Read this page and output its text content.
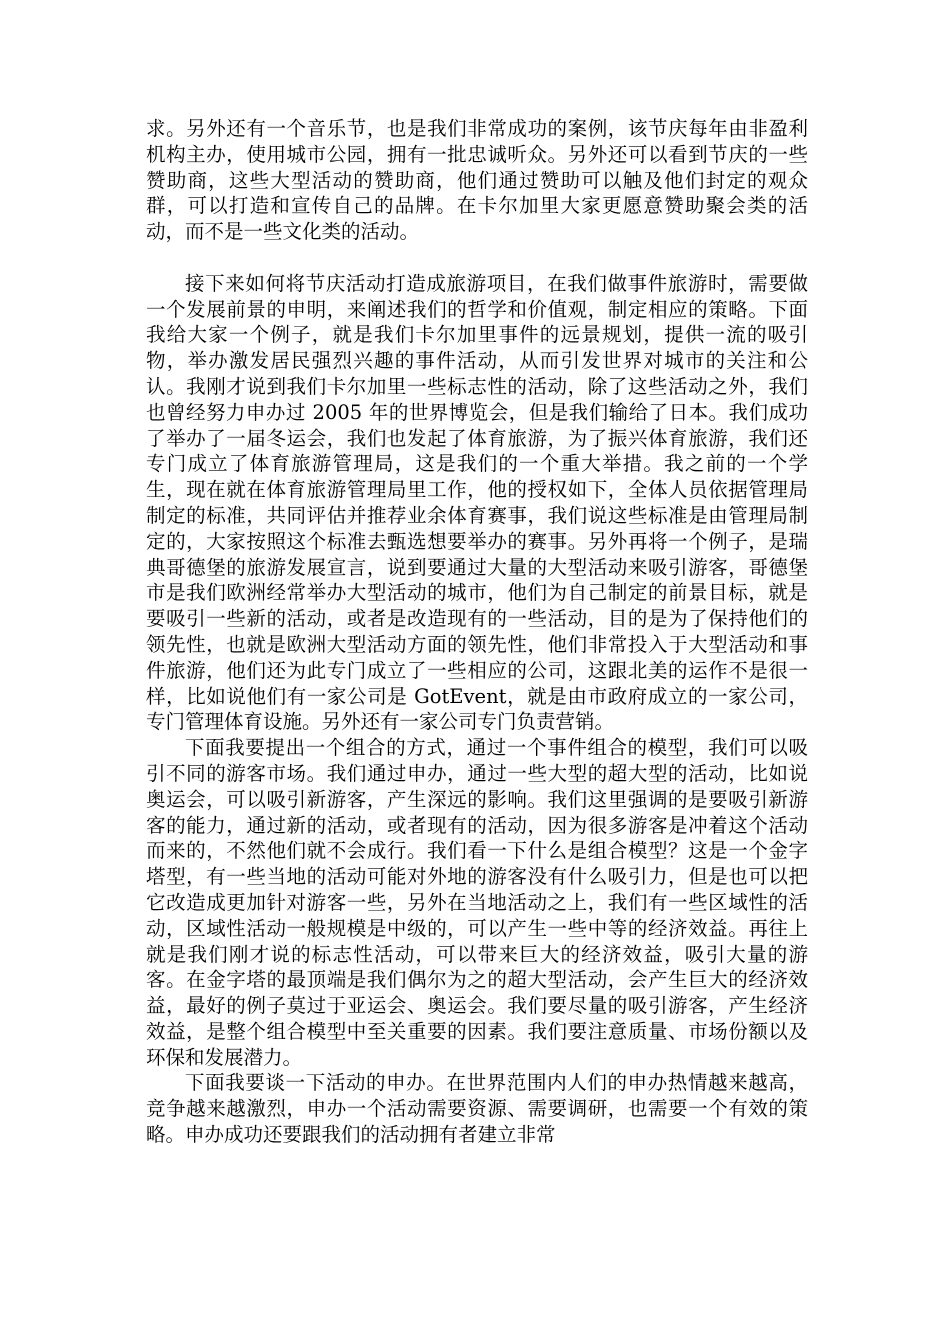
求。另外还有一个音乐节，也是我们非常成功的案例，该节庆每年由非盈利机构主办，使用城市公园，拥有一批忠诚听众。另外还可以看到节庆的一些赞助商，这些大型活动的赞助商，他们通过赞助可以触及他们封定的观众群，可以打造和宣传自己的品牌。在卡尔加里大家更愿意赞助聚会类的活动，而不是一些文化类的活动。

接下来如何将节庆活动打造成旅游项目，在我们做事件旅游时，需要做一个发展前景的申明，来阐述我们的哲学和价值观，制定相应的策略。下面我给大家一个例子，就是我们卡尔加里事件的远景规划，提供一流的吸引物，举办激发居民强烈兴趣的事件活动，从而引发世界对城市的关注和公认。我刚才说到我们卡尔加里一些标志性的活动，除了这些活动之外，我们也曾经努力申办过 2005 年的世界博览会，但是我们输给了日本。我们成功了举办了一届冬运会，我们也发起了体育旅游，为了振兴体育旅游，我们还专门成立了体育旅游管理局，这是我们的一个重大举措。我之前的一个学生，现在就在体育旅游管理局里工作，他的授权如下，全体人员依据管理局制定的标准，共同评估并推荐业余体育赛事，我们说这些标准是由管理局制定的，大家按照这个标准去甄选想要举办的赛事。另外再将一个例子，是瑞典哥德堡的旅游发展宣言，说到要通过大量的大型活动来吸引游客，哥德堡市是我们欧洲经常举办大型活动的城市，他们为自己制定的前景目标，就是要吸引一些新的活动，或者是改造现有的一些活动，目的是为了保持他们的领先性，也就是欧洲大型活动方面的领先性，他们非常投入于大型活动和事件旅游，他们还为此专门成立了一些相应的公司，这跟北美的运作不是很一样，比如说他们有一家公司是 GotEvent，就是由市政府成立的一家公司，专门管理体育设施。另外还有一家公司专门负责营销。

下面我要提出一个组合的方式，通过一个事件组合的模型，我们可以吸引不同的游客市场。我们通过申办，通过一些大型的超大型的活动，比如说奥运会，可以吸引新游客，产生深远的影响。我们这里强调的是要吸引新游客的能力，通过新的活动，或者现有的活动，因为很多游客是冲着这个活动而来的，不然他们就不会成行。我们看一下什么是组合模型？这是一个金字塔型，有一些当地的活动可能对外地的游客没有什么吸引力，但是也可以把它改造成更加针对游客一些，另外在当地活动之上，我们有一些区域性的活动，区域性活动一般规模是中级的，可以产生一些中等的经济效益。再往上就是我们刚才说的标志性活动，可以带来巨大的经济效益，吸引大量的游客。在金字塔的最顶端是我们偶尔为之的超大型活动，会产生巨大的经济效益，最好的例子莫过于亚运会、奥运会。我们要尽量的吸引游客，产生经济效益，是整个组合模型中至关重要的因素。我们要注意质量、市场份额以及环保和发展潜力。

下面我要谈一下活动的申办。在世界范围内人们的申办热情越来越高，竞争越来越激烈，申办一个活动需要资源、需要调研，也需要一个有效的策略。申办成功还要跟我们的活动拥有者建立非常
